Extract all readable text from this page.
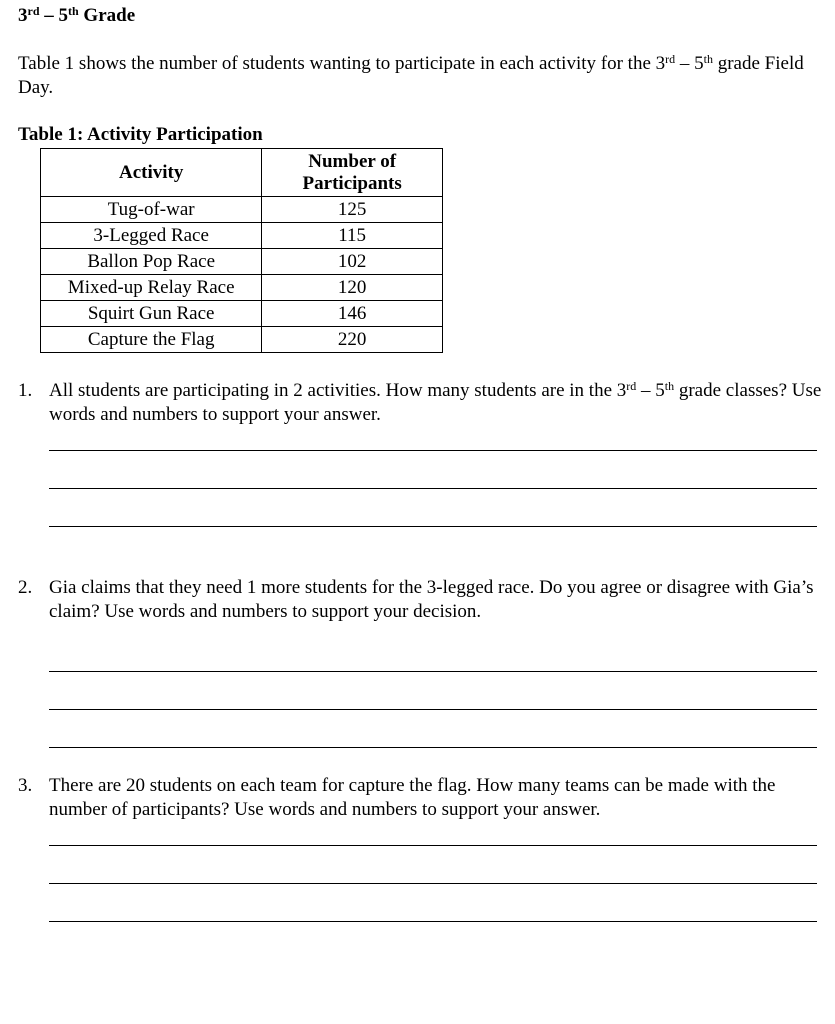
3rd – 5th Grade
Table 1 shows the number of students wanting to participate in each activity for the 3rd – 5th grade Field Day.
Table 1: Activity Participation
Activity	Number of
Participants
Tug-of-war	125
3-Legged Race	115
Ballon Pop Race	102
Mixed-up Relay Race	120
Squirt Gun Race	146
Capture the Flag	220
1. All students are participating in 2 activities. How many students are in the 3rd – 5th grade classes? Use words and numbers to support your answer.
2. Gia claims that they need 1 more students for the 3-legged race. Do you agree or disagree with Gia’s claim? Use words and numbers to support your decision.
3. There are 20 students on each team for capture the flag. How many teams can be made with the number of participants? Use words and numbers to support your answer.
